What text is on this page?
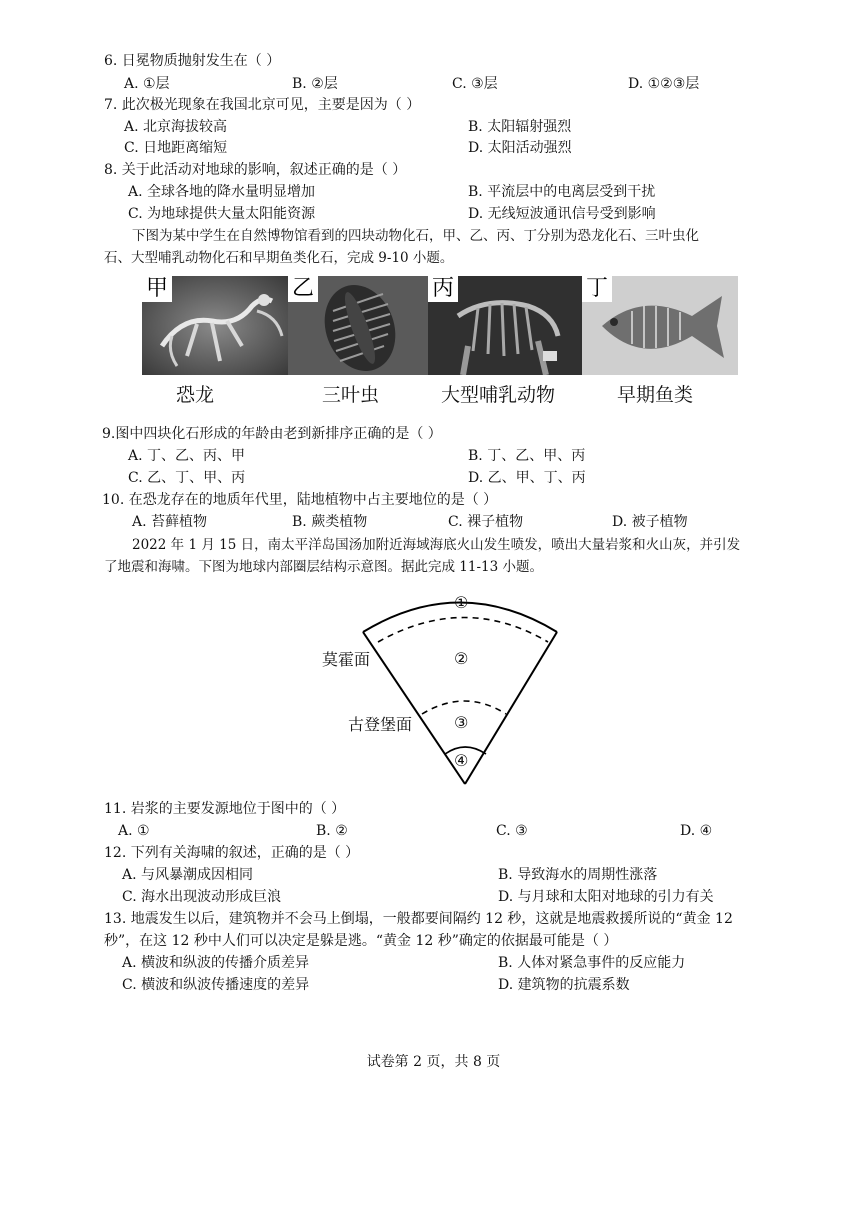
6. 日冕物质抛射发生在（ ）
A. ①层	B. ②层	C. ③层	D. ①②③层
7. 此次极光现象在我国北京可见，主要是因为（ ）
A. 北京海拔较高	B. 太阳辐射强烈
C. 日地距离缩短	D. 太阳活动强烈
8. 关于此活动对地球的影响，叙述正确的是（ ）
A. 全球各地的降水量明显增加	B. 平流层中的电离层受到干扰
C. 为地球提供大量太阳能资源	D. 无线短波通讯信号受到影响
下图为某中学生在自然博物馆看到的四块动物化石，甲、乙、丙、丁分别为恐龙化石、三叶虫化
石、大型哺乳动物化石和早期鱼类化石，完成 9-10 小题。
甲	乙	丙	丁
恐龙	三叶虫	大型哺乳动物	早期鱼类
9.图中四块化石形成的年龄由老到新排序正确的是（ ）
A. 丁、乙、丙、甲	B. 丁、乙、甲、丙
C. 乙、丁、甲、丙	D. 乙、甲、丁、丙
10. 在恐龙存在的地质年代里，陆地植物中占主要地位的是（ ）
A. 苔藓植物	B. 蕨类植物	C. 裸子植物	D. 被子植物
2022 年 1 月 15 日，南太平洋岛国汤加附近海域海底火山发生喷发，喷出大量岩浆和火山灰，并引发
了地震和海啸。下图为地球内部圈层结构示意图。据此完成 11-13 小题。
①
②
③
④
莫霍面
古登堡面
11. 岩浆的主要发源地位于图中的（ ）
A. ①	B. ②	C. ③	D. ④
12. 下列有关海啸的叙述，正确的是（ ）
A. 与风暴潮成因相同	B. 导致海水的周期性涨落
C. 海水出现波动形成巨浪	D. 与月球和太阳对地球的引力有关
13. 地震发生以后，建筑物并不会马上倒塌，一般都要间隔约 12 秒，这就是地震救援所说的“黄金 12
秒”，在这 12 秒中人们可以决定是躲是逃。“黄金 12 秒”确定的依据最可能是（ ）
A. 横波和纵波的传播介质差异	B. 人体对紧急事件的反应能力
C. 横波和纵波传播速度的差异	D. 建筑物的抗震系数
试卷第 2 页，共 8 页
